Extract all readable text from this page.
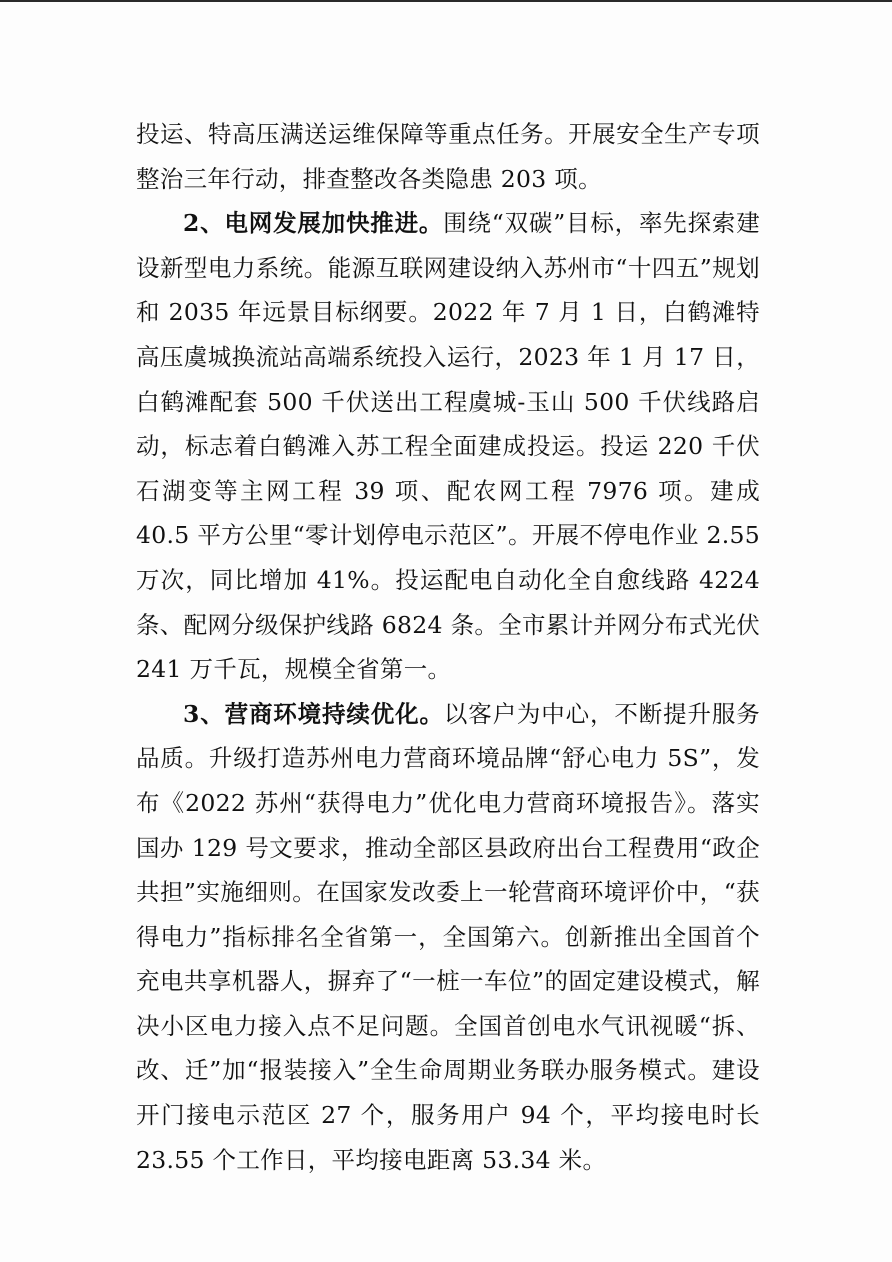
投运、特高压满送运维保障等重点任务。开展安全生产专项整治三年行动，排查整改各类隐患 203 项。

2、电网发展加快推进。围绕“双碳”目标，率先探索建设新型电力系统。能源互联网建设纳入苏州市“十四五”规划和 2035 年远景目标纲要。2022 年 7 月 1 日，白鹤滩特高压虞城换流站高端系统投入运行，2023 年 1 月 17 日，白鹤滩配套 500 千伏送出工程虞城-玉山 500 千伏线路启动，标志着白鹤滩入苏工程全面建成投运。投运 220 千伏石湖变等主网工程 39 项、配农网工程 7976 项。建成 40.5 平方公里“零计划停电示范区”。开展不停电作业 2.55 万次，同比增加 41%。投运配电自动化全自愈线路 4224 条、配网分级保护线路 6824 条。全市累计并网分布式光伏 241 万千瓦，规模全省第一。

3、营商环境持续优化。以客户为中心，不断提升服务品质。升级打造苏州电力营商环境品牌“舒心电力 5S”，发布《2022 苏州“获得电力”优化电力营商环境报告》。落实国办 129 号文要求，推动全部区县政府出台工程费用“政企共担”实施细则。在国家发改委上一轮营商环境评价中，“获得电力”指标排名全省第一，全国第六。创新推出全国首个充电共享机器人，摒弃了“一桩一车位”的固定建设模式，解决小区电力接入点不足问题。全国首创电水气讯视暖“拆、改、迁”加“报装接入”全生命周期业务联办服务模式。建设开门接电示范区 27 个，服务用户 94 个，平均接电时长 23.55 个工作日，平均接电距离 53.34 米。
